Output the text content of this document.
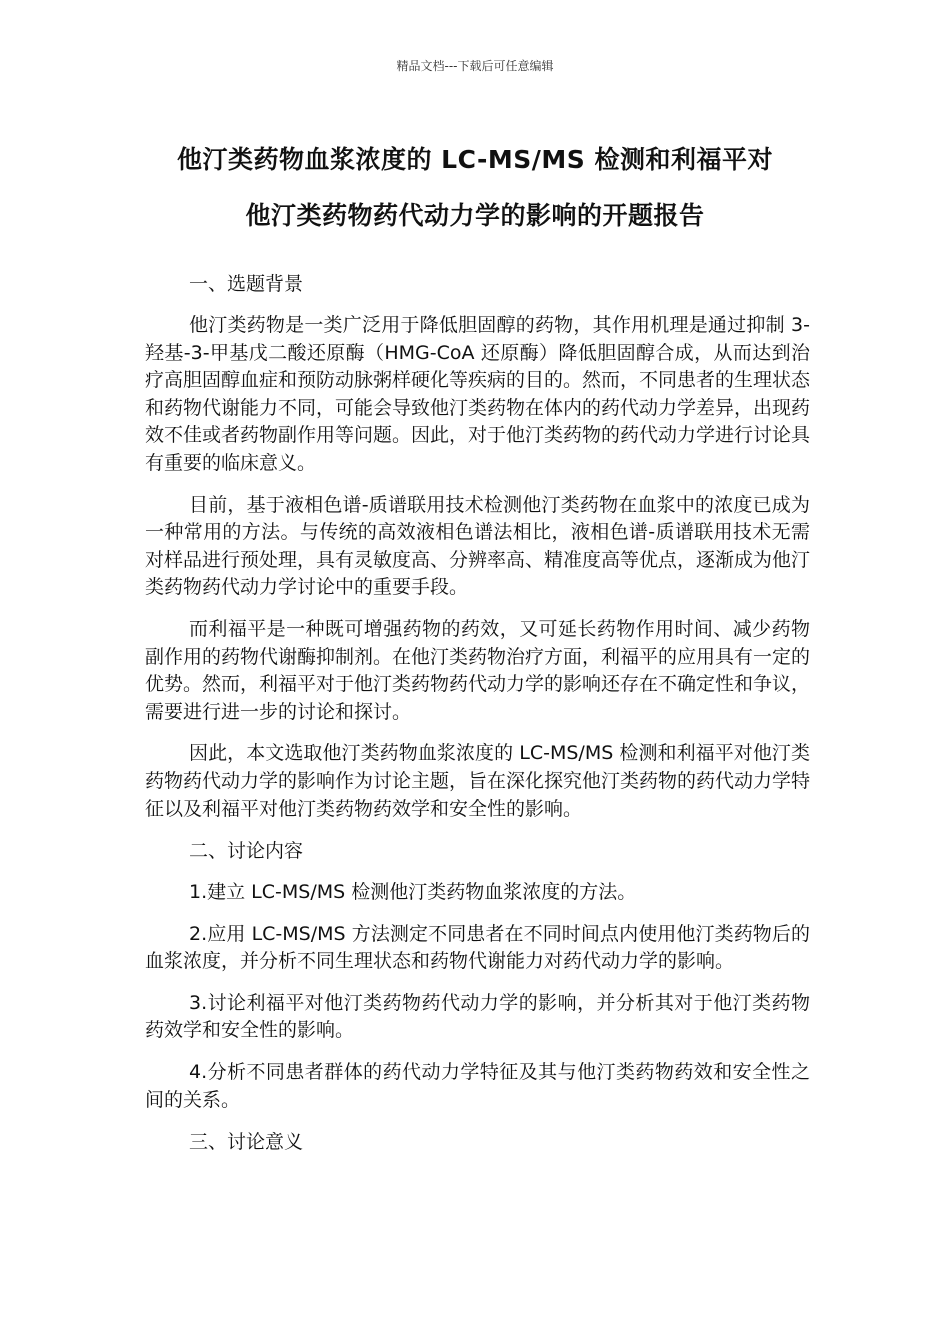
精品文档---下载后可任意编辑
他汀类药物血浆浓度的 LC-MS/MS 检测和利福平对
他汀类药物药代动力学的影响的开题报告
一、选题背景

他汀类药物是一类广泛用于降低胆固醇的药物，其作用机理是通过抑制 3-羟基-3-甲基戊二酸还原酶（HMG-CoA 还原酶）降低胆固醇合成，从而达到治疗高胆固醇血症和预防动脉粥样硬化等疾病的目的。然而，不同患者的生理状态和药物代谢能力不同，可能会导致他汀类药物在体内的药代动力学差异，出现药效不佳或者药物副作用等问题。因此，对于他汀类药物的药代动力学进行讨论具有重要的临床意义。

目前，基于液相色谱-质谱联用技术检测他汀类药物在血浆中的浓度已成为一种常用的方法。与传统的高效液相色谱法相比，液相色谱-质谱联用技术无需对样品进行预处理，具有灵敏度高、分辨率高、精准度高等优点，逐渐成为他汀类药物药代动力学讨论中的重要手段。

而利福平是一种既可增强药物的药效，又可延长药物作用时间、减少药物副作用的药物代谢酶抑制剂。在他汀类药物治疗方面，利福平的应用具有一定的优势。然而，利福平对于他汀类药物药代动力学的影响还存在不确定性和争议，需要进行进一步的讨论和探讨。

因此，本文选取他汀类药物血浆浓度的 LC-MS/MS 检测和利福平对他汀类药物药代动力学的影响作为讨论主题，旨在深化探究他汀类药物的药代动力学特征以及利福平对他汀类药物药效学和安全性的影响。

二、讨论内容

1.建立 LC-MS/MS 检测他汀类药物血浆浓度的方法。

2.应用 LC-MS/MS 方法测定不同患者在不同时间点内使用他汀类药物后的血浆浓度，并分析不同生理状态和药物代谢能力对药代动力学的影响。

3.讨论利福平对他汀类药物药代动力学的影响，并分析其对于他汀类药物药效学和安全性的影响。

4.分析不同患者群体的药代动力学特征及其与他汀类药物药效和安全性之间的关系。

三、讨论意义
